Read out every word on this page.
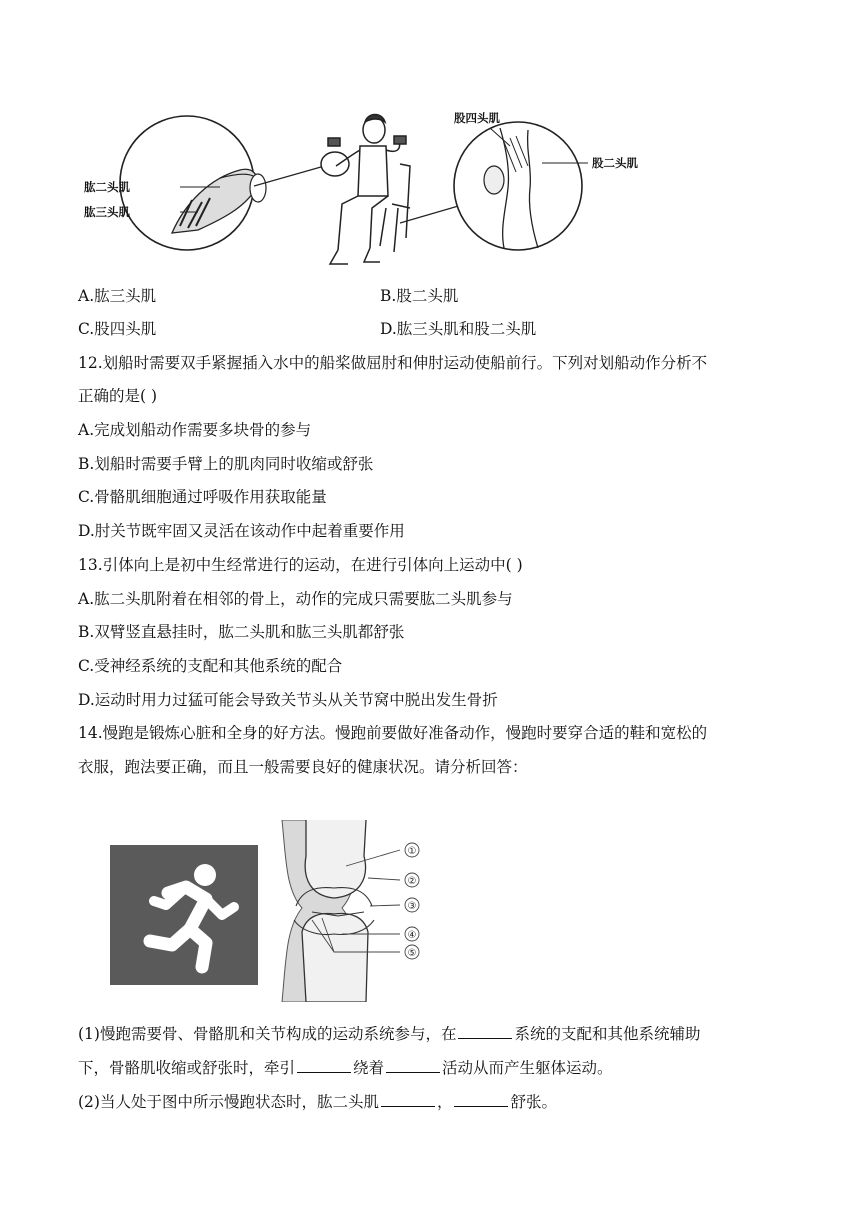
肱二头肌
肱三头肌
股四头肌
股二头肌
A.肱三头肌	B.股二头肌
C.股四头肌	D.肱三头肌和股二头肌
12.划船时需要双手紧握插入水中的船桨做屈肘和伸肘运动使船前行。下列对划船动作分析不
正确的是( )
A.完成划船动作需要多块骨的参与
B.划船时需要手臂上的肌肉同时收缩或舒张
C.骨骼肌细胞通过呼吸作用获取能量
D.肘关节既牢固又灵活在该动作中起着重要作用
13.引体向上是初中生经常进行的运动，在进行引体向上运动中( )
A.肱二头肌附着在相邻的骨上，动作的完成只需要肱二头肌参与
B.双臂竖直悬挂时，肱二头肌和肱三头肌都舒张
C.受神经系统的支配和其他系统的配合
D.运动时用力过猛可能会导致关节头从关节窝中脱出发生骨折
14.慢跑是锻炼心脏和全身的好方法。慢跑前要做好准备动作，慢跑时要穿合适的鞋和宽松的
衣服，跑法要正确，而且一般需要良好的健康状况。请分析回答：
①
②
③
④
⑤
(1)慢跑需要骨、骨骼肌和关节构成的运动系统参与，在	系统的支配和其他系统辅助
下，骨骼肌收缩或舒张时，牵引	绕着	活动从而产生躯体运动。
(2)当人处于图中所示慢跑状态时，肱二头肌	，	舒张。
